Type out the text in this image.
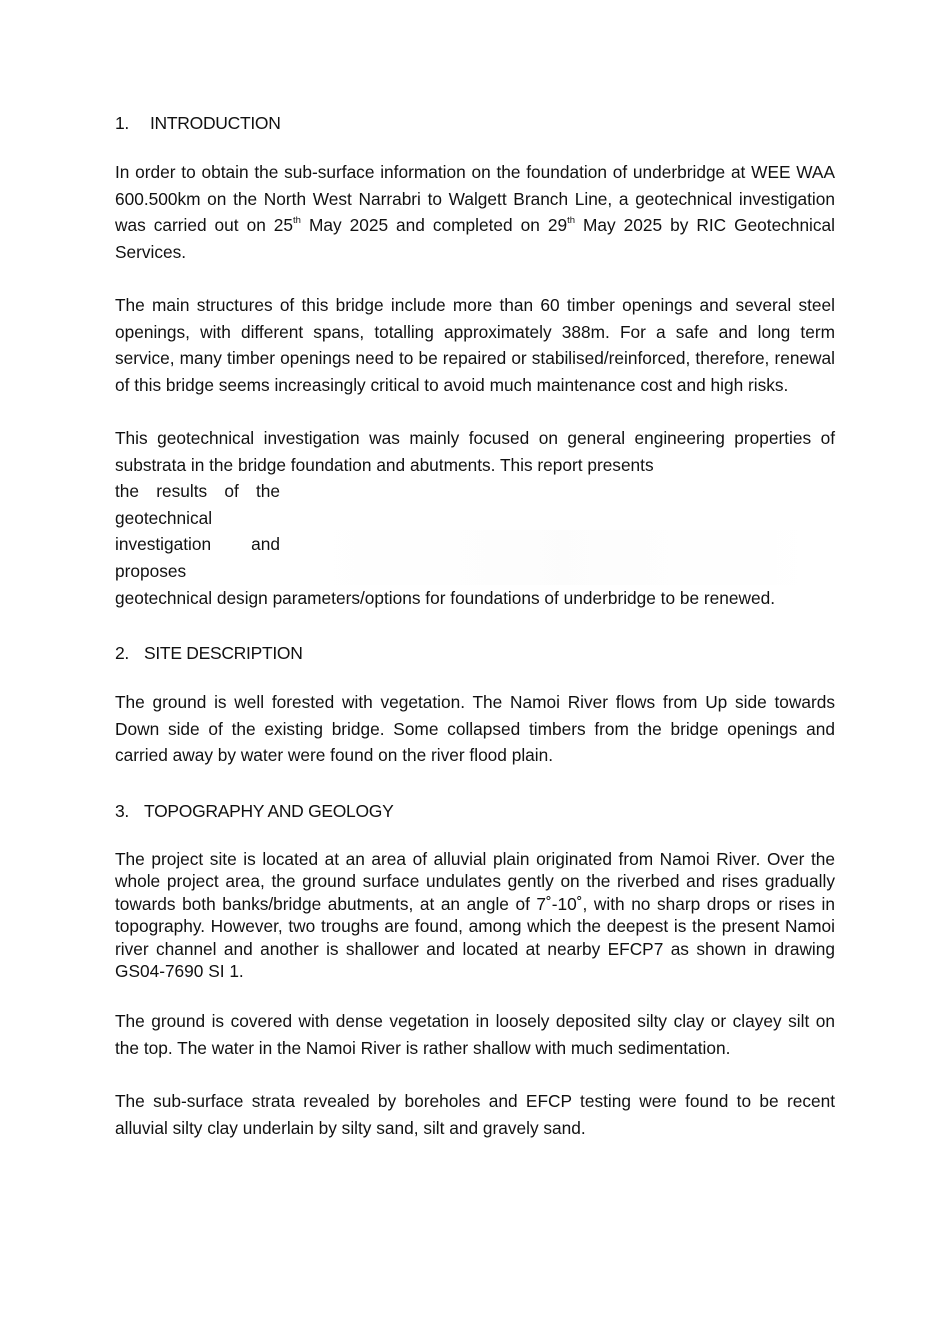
1.	INTRODUCTION

In order to obtain the sub-surface information on the foundation of underbridge at WEE WAA 600.500km on the North West Narrabri to Walgett Branch Line, a geotechnical investigation was carried out on 25th May 2025 and completed on 29th May 2025 by RIC Geotechnical Services.

The main structures of this bridge include more than 60 timber openings and several steel openings, with different spans, totalling approximately 388m. For a safe and long term service, many timber openings need to be repaired or stabilised/reinforced, therefore, renewal of this bridge seems increasingly critical to avoid much maintenance cost and high risks.

This geotechnical investigation was mainly focused on general engineering properties of substrata in the bridge foundation and abutments. This report presents

the results of the
geotechnical
investigation and
proposes

geotechnical design parameters/options for foundations of underbridge to be renewed.

2. SITE DESCRIPTION

The ground is well forested with vegetation. The Namoi River flows from Up side towards Down side of the existing bridge. Some collapsed timbers from the bridge openings and carried away by water were found on the river flood plain.

3. TOPOGRAPHY AND GEOLOGY

The project site is located at an area of alluvial plain originated from Namoi River. Over the whole project area, the ground surface undulates gently on the riverbed and rises gradually towards both banks/bridge abutments, at an angle of 7˚-10˚, with no sharp drops or rises in topography. However, two troughs are found, among which the deepest is the present Namoi river channel and another is shallower and located at nearby EFCP7 as shown in drawing GS04-7690 SI 1.

The ground is covered with dense vegetation in loosely deposited silty clay or clayey silt on the top. The water in the Namoi River is rather shallow with much sedimentation.

The sub-surface strata revealed by boreholes and EFCP testing were found to be recent alluvial silty clay underlain by silty sand, silt and gravely sand.
